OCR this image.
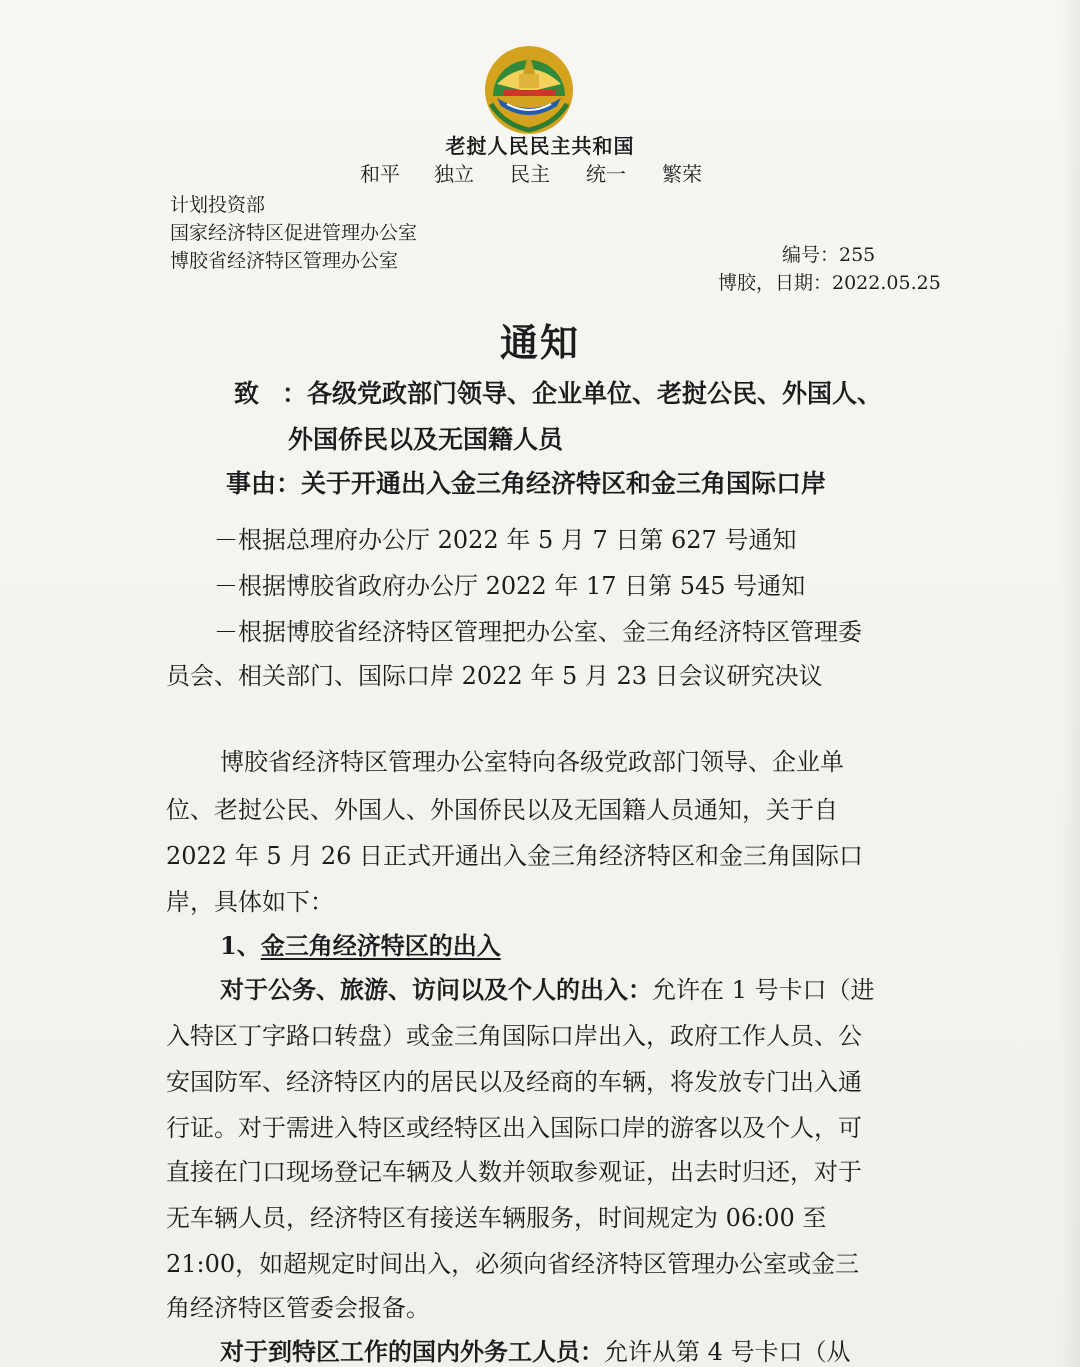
老挝人民民主共和国
和平 独立 民主 统一 繁荣
计划投资部
国家经济特区促进管理办公室
博胶省经济特区管理办公室	编号：255
博胶，日期：2022.05.25
通知
致 ：各级党政部门领导、企业单位、老挝公民、外国人、
外国侨民以及无国籍人员
事由：关于开通出入金三角经济特区和金三角国际口岸
－根据总理府办公厅 2022 年 5 月 7 日第 627 号通知
－根据博胶省政府办公厅 2022 年 17 日第 545 号通知
－根据博胶省经济特区管理把办公室、金三角经济特区管理委
员会、相关部门、国际口岸 2022 年 5 月 23 日会议研究决议
博胶省经济特区管理办公室特向各级党政部门领导、企业单
位、老挝公民、外国人、外国侨民以及无国籍人员通知，关于自
2022 年 5 月 26 日正式开通出入金三角经济特区和金三角国际口
岸，具体如下：
1、金三角经济特区的出入
对于公务、旅游、访问以及个人的出入：允许在 1 号卡口（进
入特区丁字路口转盘）或金三角国际口岸出入，政府工作人员、公
安国防军、经济特区内的居民以及经商的车辆，将发放专门出入通
行证。对于需进入特区或经特区出入国际口岸的游客以及个人，可
直接在门口现场登记车辆及人数并领取参观证，出去时归还，对于
无车辆人员，经济特区有接送车辆服务，时间规定为 06:00 至
21:00，如超规定时间出入，必须向省经济特区管理办公室或金三
角经济特区管委会报备。
对于到特区工作的国内外务工人员：允许从第 4 号卡口（从
